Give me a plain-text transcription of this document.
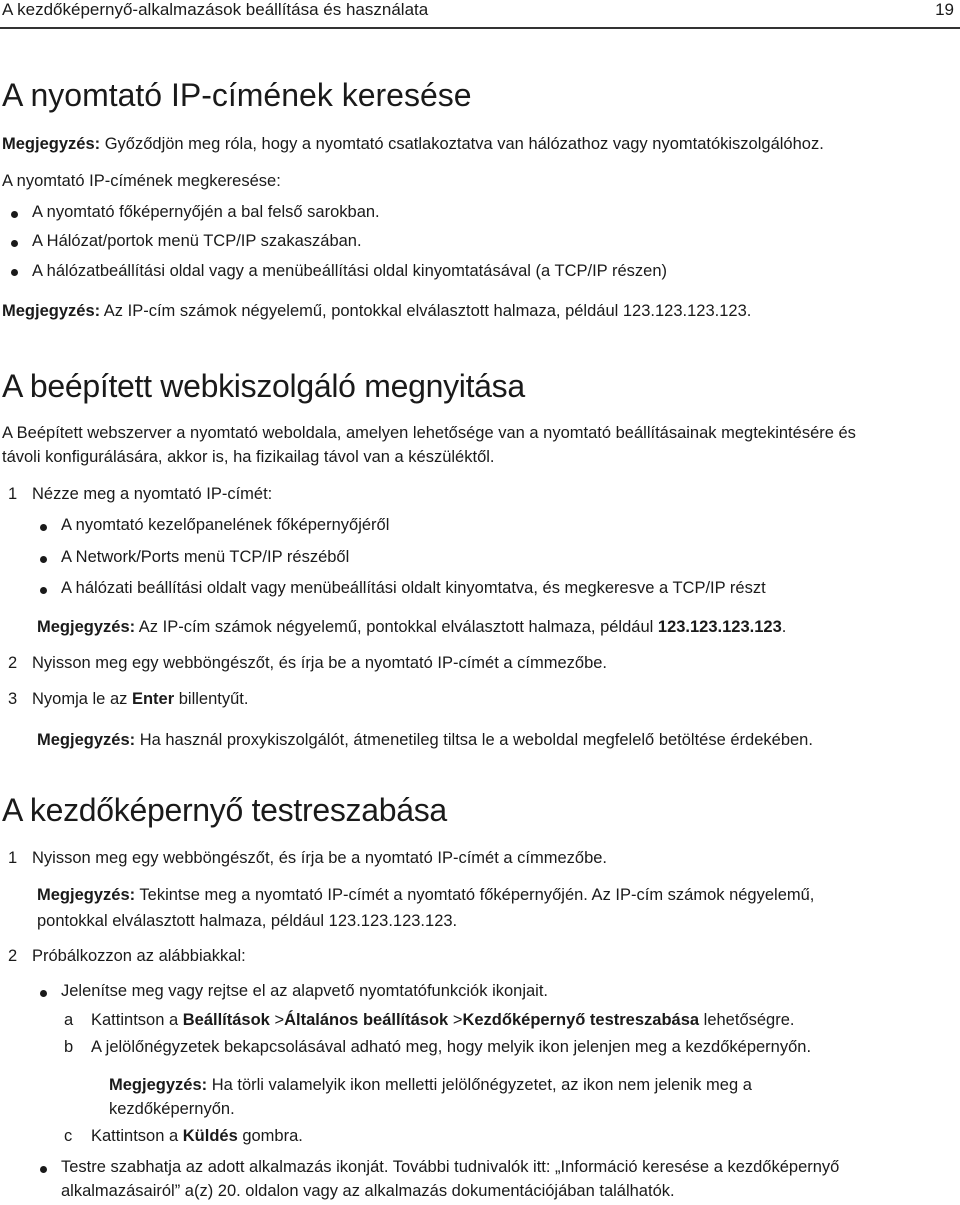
A kezdőképernyő-alkalmazások beállítása és használata	19
A nyomtató IP-címének keresése
Megjegyzés: Győződjön meg róla, hogy a nyomtató csatlakoztatva van hálózathoz vagy nyomtatókiszolgálóhoz.
A nyomtató IP-címének megkeresése:
A nyomtató főképernyőjén a bal felső sarokban.
A Hálózat/portok menü TCP/IP szakaszában.
A hálózatbeállítási oldal vagy a menübeállítási oldal kinyomtatásával (a TCP/IP részen)
Megjegyzés: Az IP-cím számok négyelemű, pontokkal elválasztott halmaza, például 123.123.123.123.
A beépített webkiszolgáló megnyitása
A Beépített webszerver a nyomtató weboldala, amelyen lehetősége van a nyomtató beállításainak megtekintésére és
távoli konfigurálására, akkor is, ha fizikailag távol van a készüléktől.
1 Nézze meg a nyomtató IP-címét:
A nyomtató kezelőpanelének főképernyőjéről
A Network/Ports menü TCP/IP részéből
A hálózati beállítási oldalt vagy menübeállítási oldalt kinyomtatva, és megkeresve a TCP/IP részt
Megjegyzés: Az IP-cím számok négyelemű, pontokkal elválasztott halmaza, például 123.123.123.123.
2 Nyisson meg egy webböngészőt, és írja be a nyomtató IP-címét a címmezőbe.
3 Nyomja le az Enter billentyűt.
Megjegyzés: Ha használ proxykiszolgálót, átmenetileg tiltsa le a weboldal megfelelő betöltése érdekében.
A kezdőképernyő testreszabása
1 Nyisson meg egy webböngészőt, és írja be a nyomtató IP-címét a címmezőbe.
Megjegyzés: Tekintse meg a nyomtató IP-címét a nyomtató főképernyőjén. Az IP-cím számok négyelemű,
pontokkal elválasztott halmaza, például 123.123.123.123.
2 Próbálkozzon az alábbiakkal:
Jelenítse meg vagy rejtse el az alapvető nyomtatófunkciók ikonjait.
a Kattintson a Beállítások >Általános beállítások >Kezdőképernyő testreszabása lehetőségre.
b A jelölőnégyzetek bekapcsolásával adható meg, hogy melyik ikon jelenjen meg a kezdőképernyőn.
Megjegyzés: Ha törli valamelyik ikon melletti jelölőnégyzetet, az ikon nem jelenik meg a
kezdőképernyőn.
c Kattintson a Küldés gombra.
Testre szabhatja az adott alkalmazás ikonját. További tudnivalók itt: „Információ keresése a kezdőképernyő
alkalmazásairól” a(z) 20. oldalon vagy az alkalmazás dokumentációjában találhatók.
